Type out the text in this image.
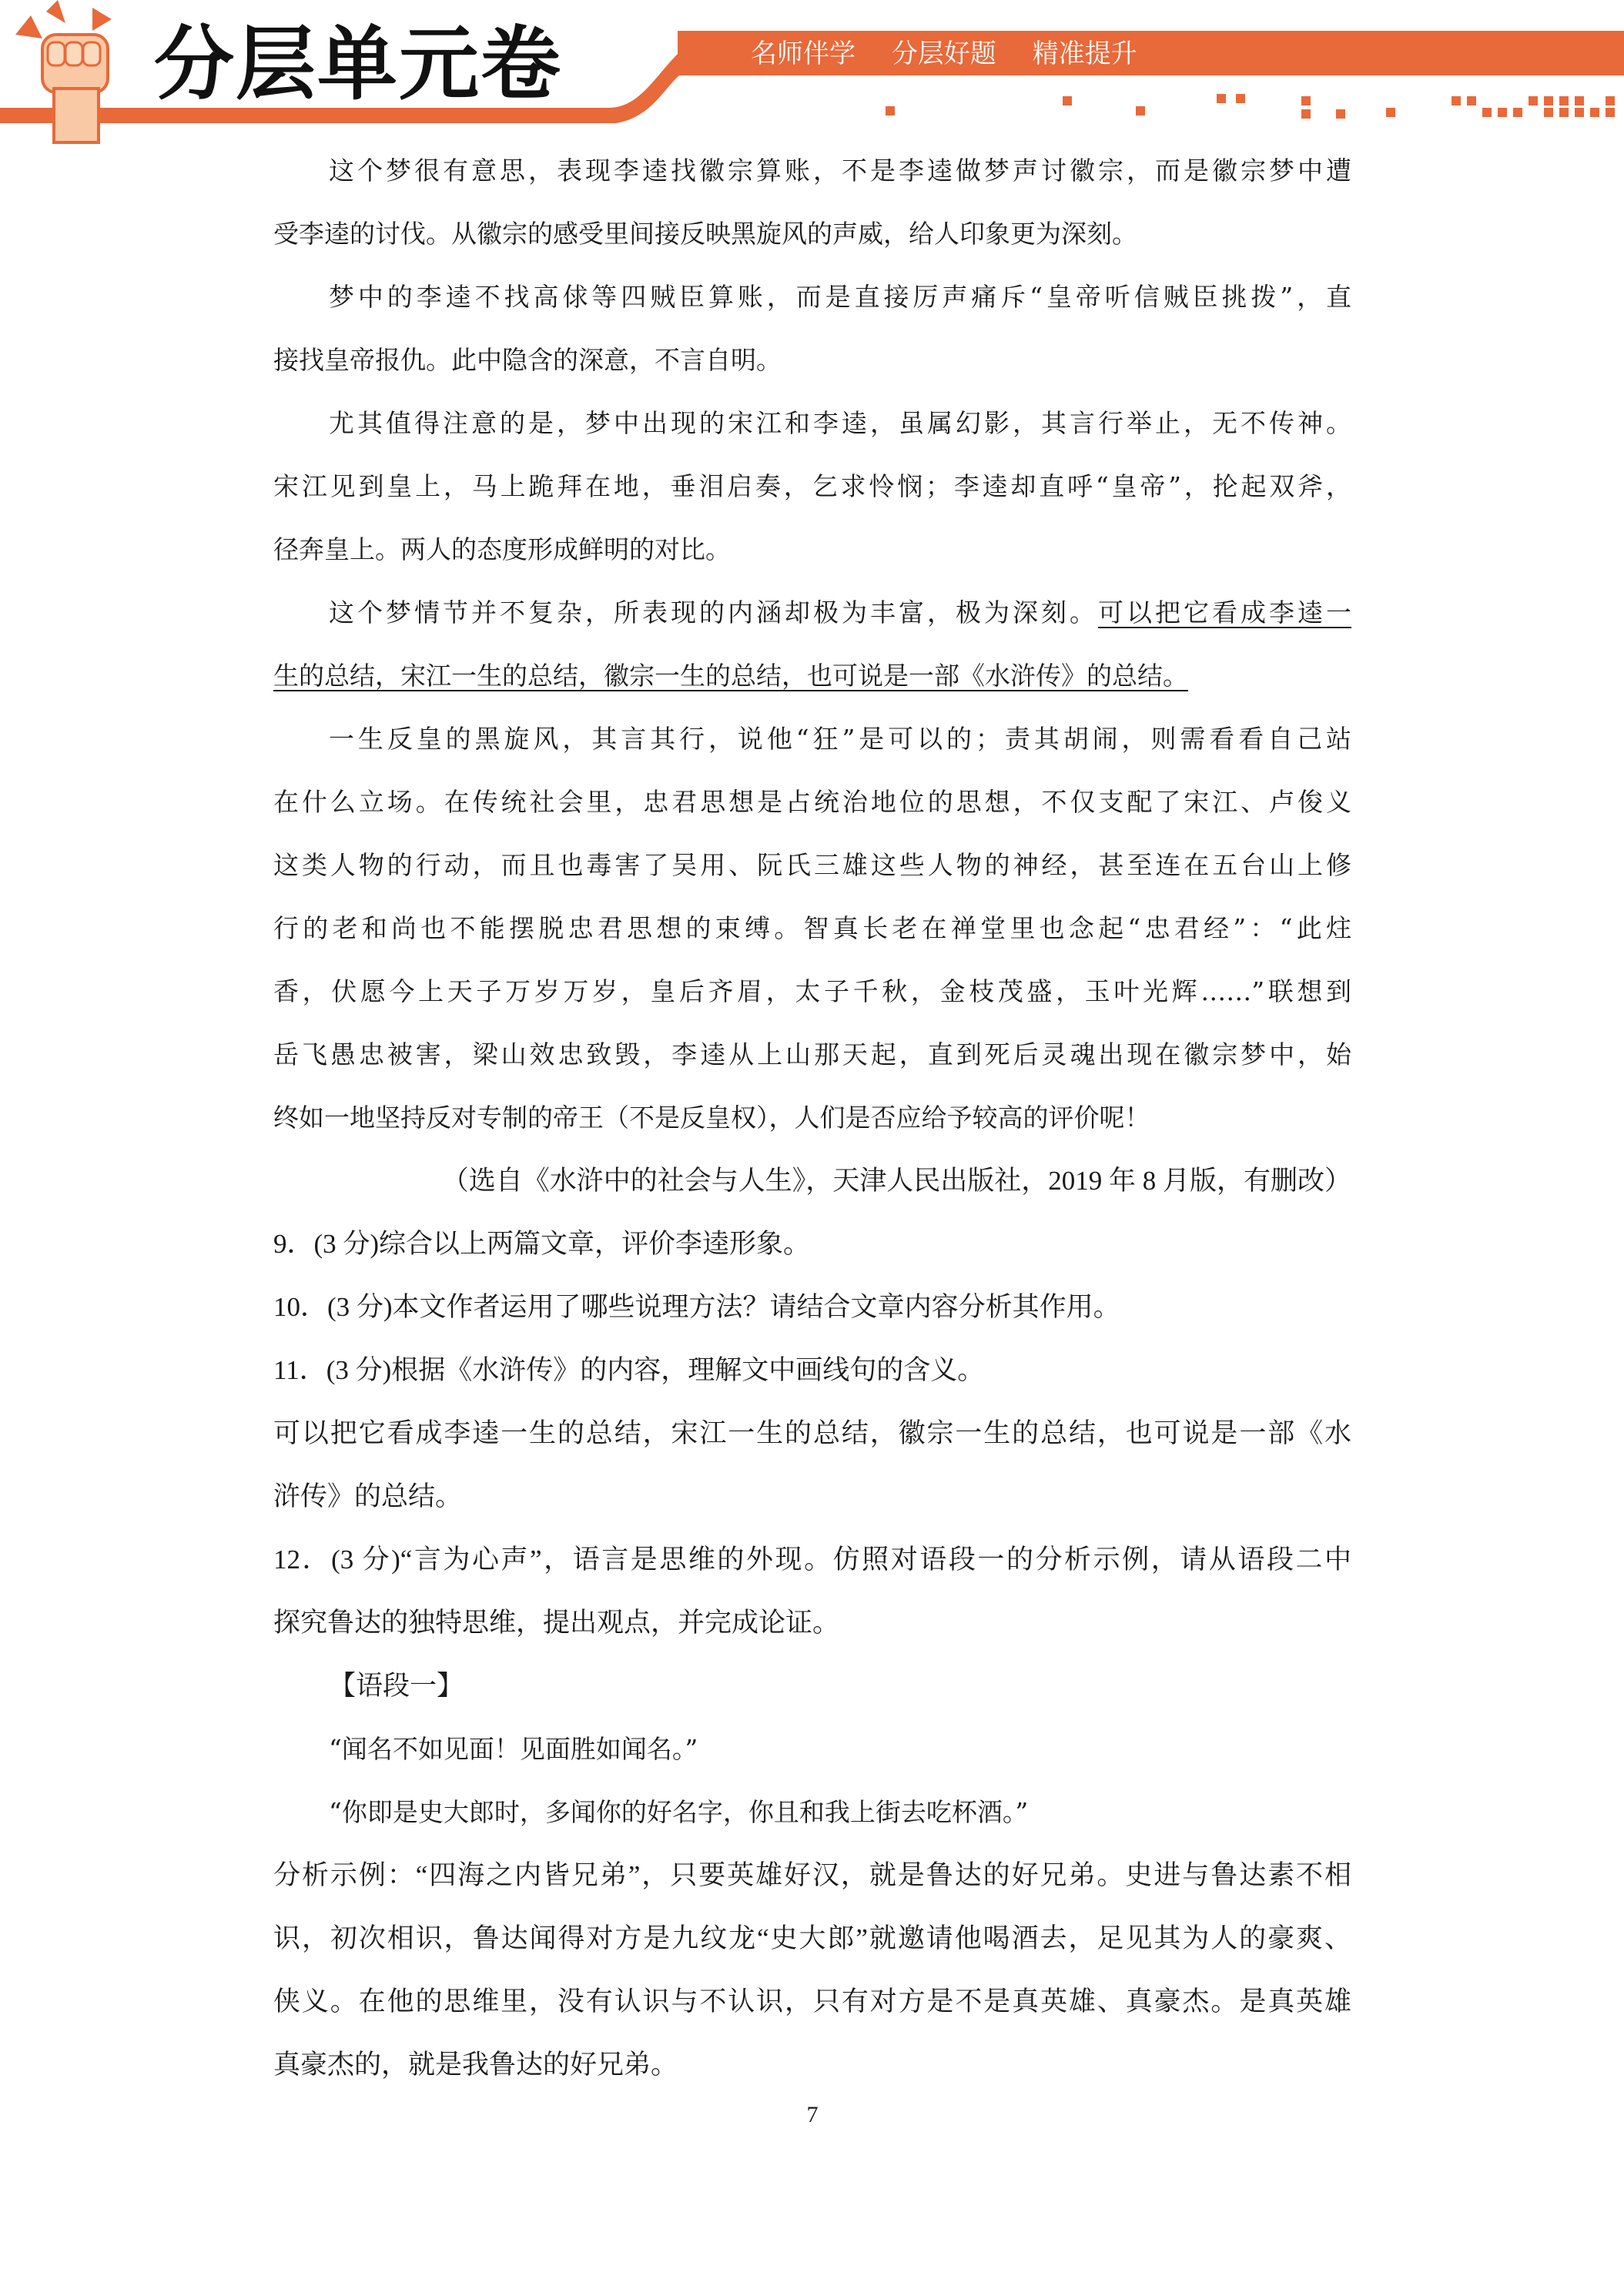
分层单元卷	名师伴学 分层好题 精准提升
这个梦很有意思，表现李逵找徽宗算账，不是李逵做梦声讨徽宗，而是徽宗梦中遭
受李逵的讨伐。从徽宗的感受里间接反映黑旋风的声威，给人印象更为深刻。
梦中的李逵不找高俅等四贼臣算账，而是直接厉声痛斥“皇帝听信贼臣挑拨”，直
接找皇帝报仇。此中隐含的深意，不言自明。
尤其值得注意的是，梦中出现的宋江和李逵，虽属幻影，其言行举止，无不传神。
宋江见到皇上，马上跪拜在地，垂泪启奏，乞求怜悯；李逵却直呼“皇帝”，抡起双斧，
径奔皇上。两人的态度形成鲜明的对比。
这个梦情节并不复杂，所表现的内涵却极为丰富，极为深刻。可以把它看成李逵一
生的总结，宋江一生的总结，徽宗一生的总结，也可说是一部《水浒传》的总结。
一生反皇的黑旋风，其言其行，说他“狂”是可以的；责其胡闹，则需看看自己站
在什么立场。在传统社会里，忠君思想是占统治地位的思想，不仅支配了宋江、卢俊义
这类人物的行动，而且也毒害了吴用、阮氏三雄这些人物的神经，甚至连在五台山上修
行的老和尚也不能摆脱忠君思想的束缚。智真长老在禅堂里也念起“忠君经”：“此炷
香，伏愿今上天子万岁万岁，皇后齐眉，太子千秋，金枝茂盛，玉叶光辉……”联想到
岳飞愚忠被害，梁山效忠致毁，李逵从上山那天起，直到死后灵魂出现在徽宗梦中，始
终如一地坚持反对专制的帝王（不是反皇权），人们是否应给予较高的评价呢！
（选自《水浒中的社会与人生》，天津人民出版社，2019 年 8 月版，有删改）
9．(3 分)综合以上两篇文章，评价李逵形象。
10．(3 分)本文作者运用了哪些说理方法？请结合文章内容分析其作用。
11．(3 分)根据《水浒传》的内容，理解文中画线句的含义。
可以把它看成李逵一生的总结，宋江一生的总结，徽宗一生的总结，也可说是一部《水
浒传》的总结。
12．(3 分)“言为心声”，语言是思维的外现。仿照对语段一的分析示例，请从语段二中
探究鲁达的独特思维，提出观点，并完成论证。
【语段一】
“闻名不如见面！见面胜如闻名。”
“你即是史大郎时，多闻你的好名字，你且和我上街去吃杯酒。”
分析示例：“四海之内皆兄弟”，只要英雄好汉，就是鲁达的好兄弟。史进与鲁达素不相
识，初次相识，鲁达闻得对方是九纹龙“史大郎”就邀请他喝酒去，足见其为人的豪爽、
侠义。在他的思维里，没有认识与不认识，只有对方是不是真英雄、真豪杰。是真英雄
真豪杰的，就是我鲁达的好兄弟。
7
